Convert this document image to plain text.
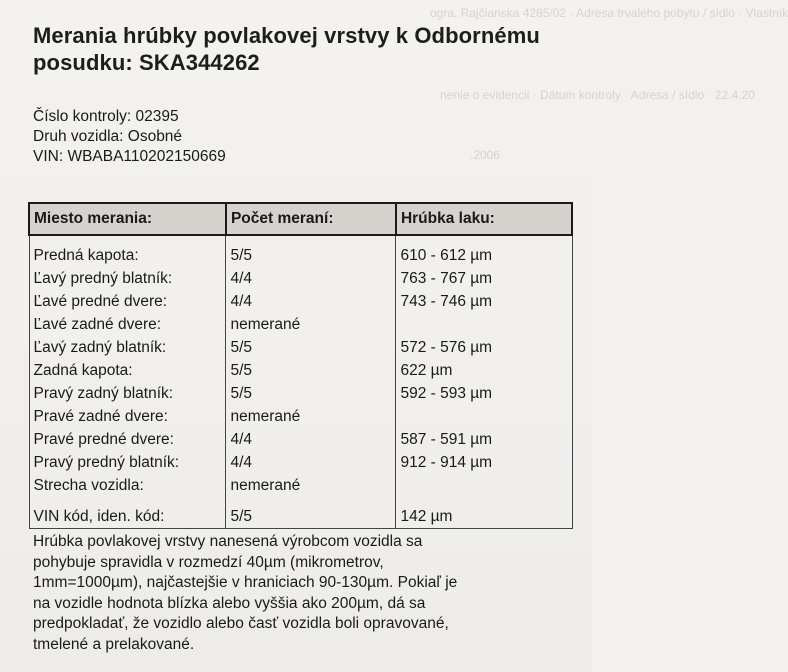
ogra, Rajčianska 4285/02 · Adresa trvalého pobytu / sídlo · Vlastník
nenie o evidencii · Dátum kontroly · Adresa / sídlo · 22.4.20
.2006
Merania hrúbky povlakovej vrstvy k Odbornému
posudku: SKA344262
Číslo kontroly: 02395
Druh vozidla: Osobné
VIN: WBABA110202150669
Miesto merania:	Počet meraní:	Hrúbka laku:
Predná kapota:	5/5	610 - 612 µm
Ľavý predný blatník:	4/4	763 - 767 µm
Ľavé predné dvere:	4/4	743 - 746 µm
Ľavé zadné dvere:	nemerané	
Ľavý zadný blatník:	5/5	572 - 576 µm
Zadná kapota:	5/5	622 µm
Pravý zadný blatník:	5/5	592 - 593 µm
Pravé zadné dvere:	nemerané	
Pravé predné dvere:	4/4	587 - 591 µm
Pravý predný blatník:	4/4	912 - 914 µm
Strecha vozidla:	nemerané	
VIN kód, iden. kód:	5/5	142 µm

Hrúbka povlakovej vrstvy nanesená výrobcom vozidla sa
pohybuje spravidla v rozmedzí 40µm (mikrometrov,
1mm=1000µm), najčastejšie v hraniciach 90-130µm. Pokiaľ je
na vozidle hodnota blízka alebo vyššia ako 200µm, dá sa
predpokladať, že vozidlo alebo časť vozidla boli opravované,
tmelené a prelakované.
